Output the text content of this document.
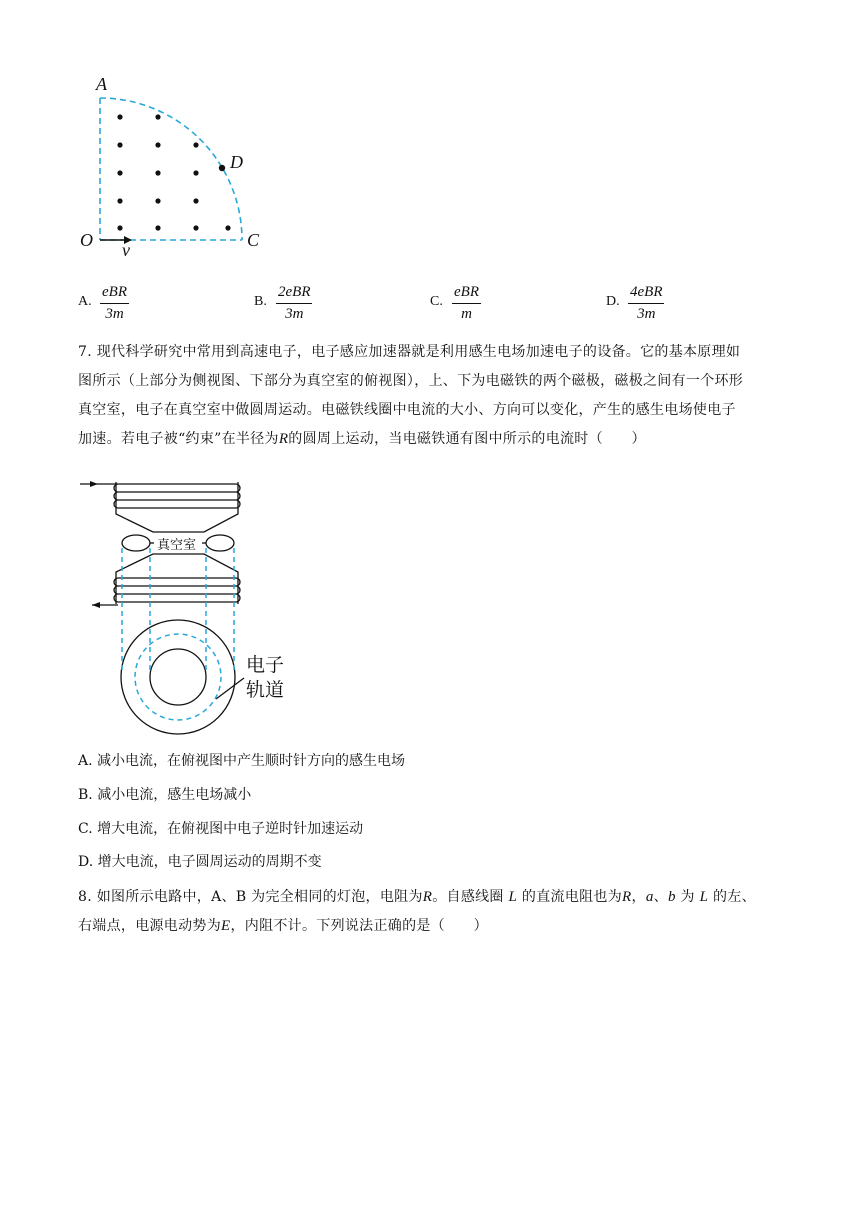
A
D
O	C
v
A.
eBR
3m
B.
2eBR
3m
C.
eBR
m
D.
4eBR
3m
7. 现代科学研究中常用到高速电子，电子感应加速器就是利用感生电场加速电子的设备。它的基本原理如
图所示（上部分为侧视图、下部分为真空室的俯视图），上、下为电磁铁的两个磁极，磁极之间有一个环形
真空室，电子在真空室中做圆周运动。电磁铁线圈中电流的大小、方向可以变化，产生的感生电场使电子
加速。若电子被“约束”在半径为R的圆周上运动，当电磁铁通有图中所示的电流时（　　）
真空室
电子
轨道
A. 减小电流，在俯视图中产生顺时针方向的感生电场
B. 减小电流，感生电场减小
C. 增大电流，在俯视图中电子逆时针加速运动
D. 增大电流，电子圆周运动的周期不变
8. 如图所示电路中，A、B 为完全相同的灯泡，电阻为R。自感线圈 L 的直流电阻也为R，a、b 为 L 的左、
右端点，电源电动势为E，内阻不计。下列说法正确的是（　　）
